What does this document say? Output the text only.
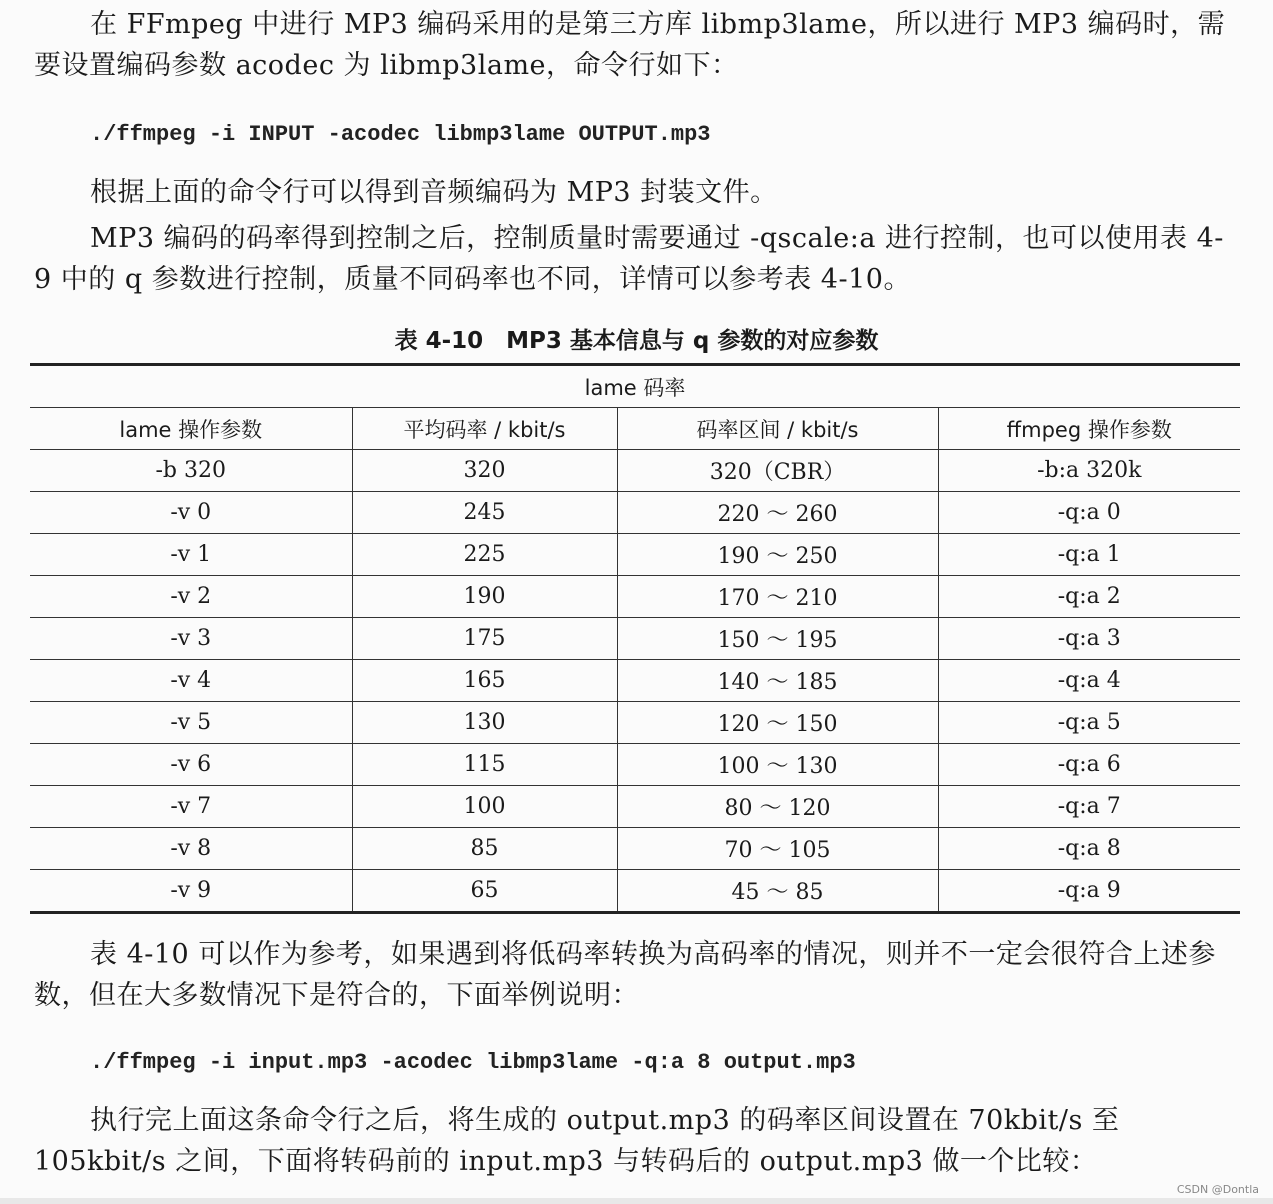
在 FFmpeg 中进行 MP3 编码采用的是第三方库 libmp3lame，所以进行 MP3 编码时，需要设置编码参数 acodec 为 libmp3lame，命令行如下：
./ffmpeg -i INPUT -acodec libmp3lame OUTPUT.mp3
根据上面的命令行可以得到音频编码为 MP3 封装文件。
MP3 编码的码率得到控制之后，控制质量时需要通过 -qscale:a 进行控制，也可以使用表 4-9 中的 q 参数进行控制，质量不同码率也不同，详情可以参考表 4-10。
表 4-10　MP3 基本信息与 q 参数的对应参数
lame 码率			
lame 操作参数	平均码率 / kbit/s	码率区间 / kbit/s	ffmpeg 操作参数
-b 320	320	320（CBR）	-b:a 320k
-v 0	245	220 ～ 260	-q:a 0
-v 1	225	190 ～ 250	-q:a 1
-v 2	190	170 ～ 210	-q:a 2
-v 3	175	150 ～ 195	-q:a 3
-v 4	165	140 ～ 185	-q:a 4
-v 5	130	120 ～ 150	-q:a 5
-v 6	115	100 ～ 130	-q:a 6
-v 7	100	80 ～ 120	-q:a 7
-v 8	85	70 ～ 105	-q:a 8
-v 9	65	45 ～ 85	-q:a 9
表 4-10 可以作为参考，如果遇到将低码率转换为高码率的情况，则并不一定会很符合上述参数，但在大多数情况下是符合的，下面举例说明：
./ffmpeg -i input.mp3 -acodec libmp3lame -q:a 8 output.mp3
执行完上面这条命令行之后，将生成的 output.mp3 的码率区间设置在 70kbit/s 至 105kbit/s 之间，下面将转码前的 input.mp3 与转码后的 output.mp3 做一个比较：
CSDN @Dontla
